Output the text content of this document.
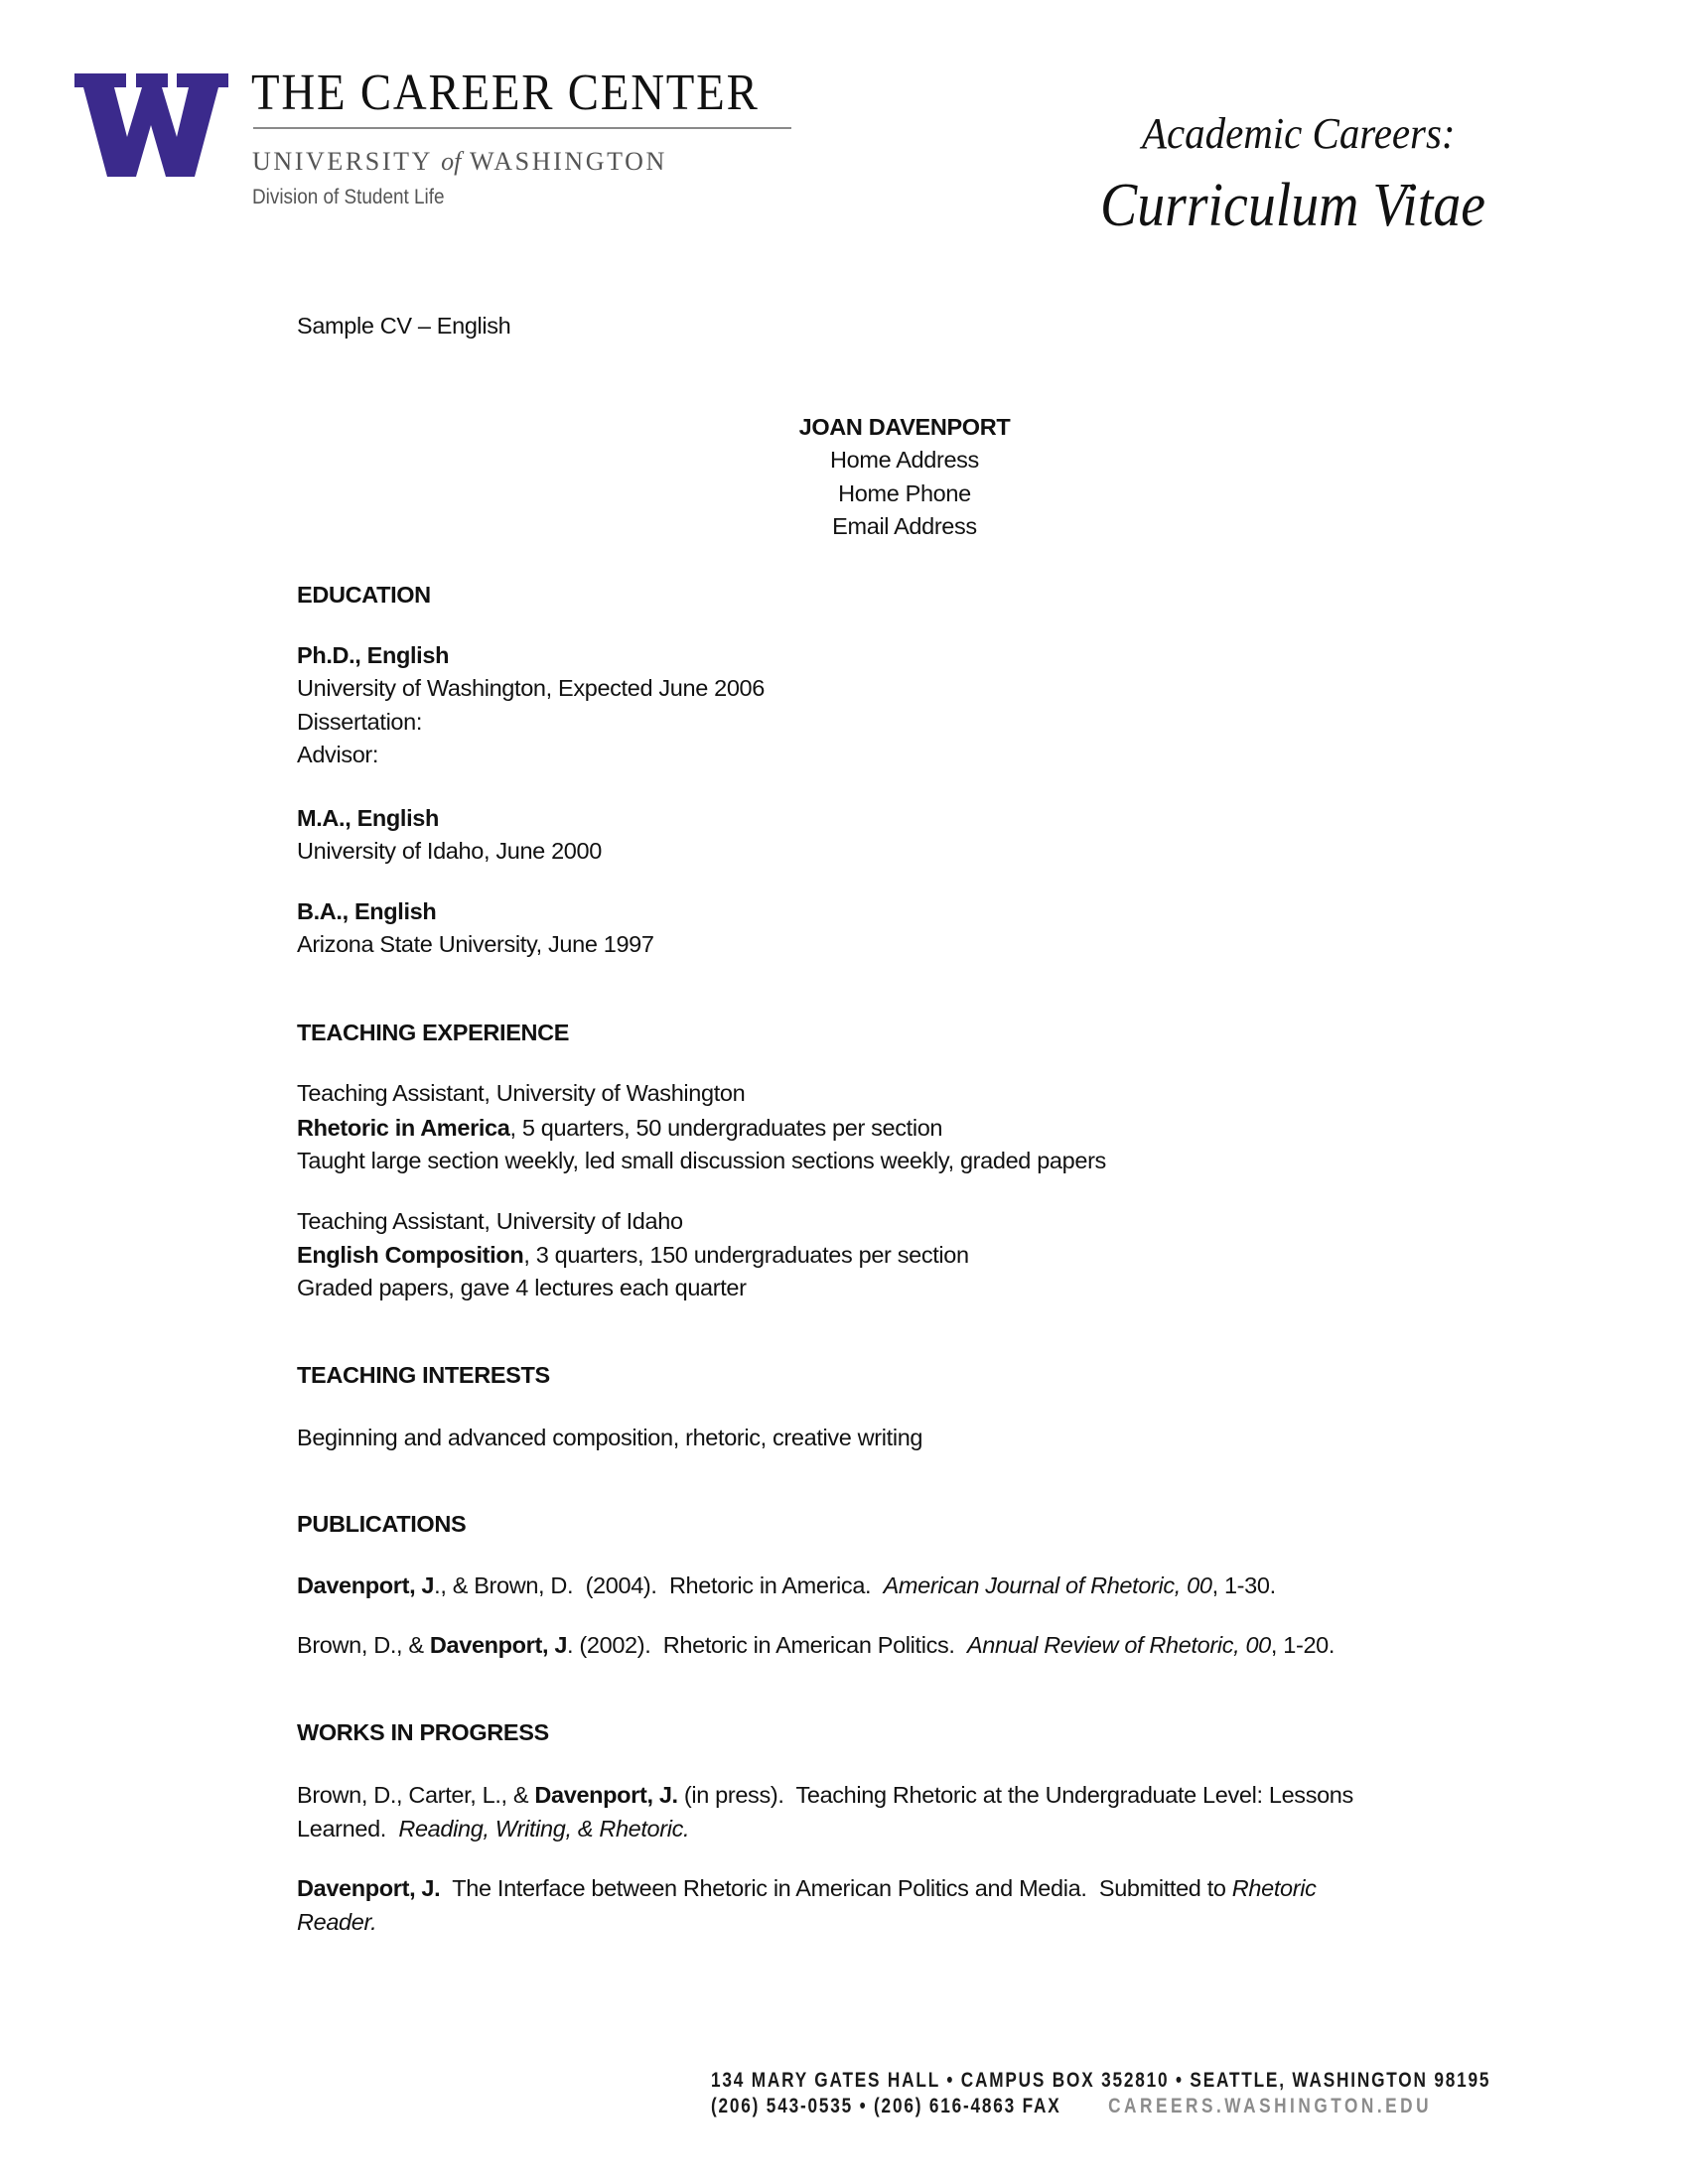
THE CAREER CENTER
UNIVERSITY of WASHINGTON
Division of Student Life
Academic Careers:
Curriculum Vitae
Sample CV – English
JOAN DAVENPORT
Home Address
Home Phone
Email Address
EDUCATION
Ph.D., English
University of Washington, Expected June 2006
Dissertation:
Advisor:
M.A., English
University of Idaho, June 2000
B.A., English
Arizona State University, June 1997
TEACHING EXPERIENCE
Teaching Assistant, University of Washington
Rhetoric in America, 5 quarters, 50 undergraduates per section
Taught large section weekly, led small discussion sections weekly, graded papers
Teaching Assistant, University of Idaho
English Composition, 3 quarters, 150 undergraduates per section
Graded papers, gave 4 lectures each quarter
TEACHING INTERESTS
Beginning and advanced composition, rhetoric, creative writing
PUBLICATIONS
Davenport, J., & Brown, D.  (2004).  Rhetoric in America.  American Journal of Rhetoric, 00, 1-30.
Brown, D., & Davenport, J. (2002).  Rhetoric in American Politics.  Annual Review of Rhetoric, 00, 1-20.
WORKS IN PROGRESS
Brown, D., Carter, L., & Davenport, J. (in press).  Teaching Rhetoric at the Undergraduate Level: Lessons
Learned.  Reading, Writing, & Rhetoric.
Davenport, J.  The Interface between Rhetoric in American Politics and Media.  Submitted to Rhetoric
Reader.
134 MARY GATES HALL • CAMPUS BOX 352810 • SEATTLE, WASHINGTON 98195
(206) 543-0535 • (206) 616-4863 FAX CAREERS.WASHINGTON.EDU
